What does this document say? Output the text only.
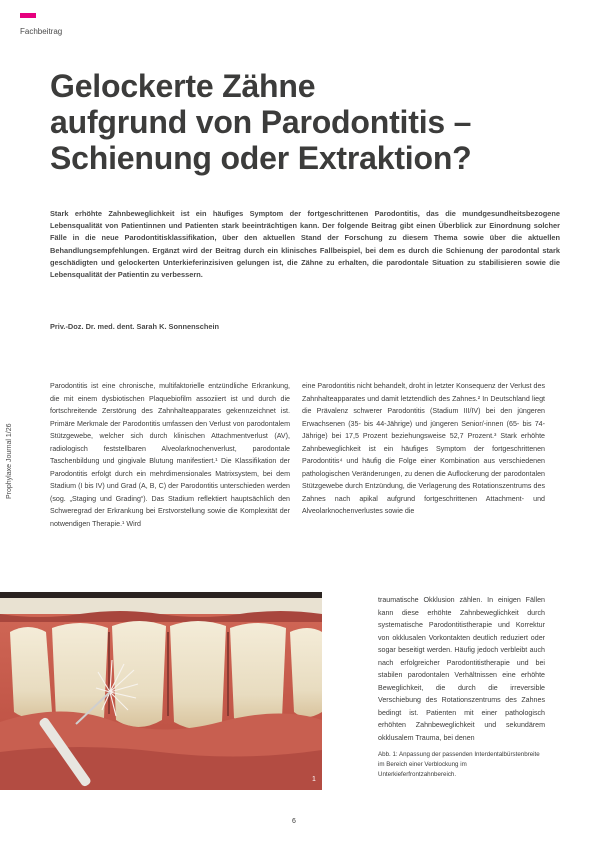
Fachbeitrag
Gelockerte Zähne
aufgrund von Parodontitis –
Schienung oder Extraktion?

Stark erhöhte Zahnbeweglichkeit ist ein häufiges Symptom der fortgeschrittenen Parodontitis, das die mundgesundheitsbezogene Lebensqualität von Patientinnen und Patienten stark beeinträchtigen kann. Der folgende Beitrag gibt einen Überblick zur Einordnung solcher Fälle in die neue Parodontitisklassifikation, über den aktuellen Stand der Forschung zu diesem Thema sowie über die aktuellen Behandlungsempfehlungen. Ergänzt wird der Beitrag durch ein klinisches Fallbeispiel, bei dem es durch die Schienung der parodontal stark geschädigten und gelockerten Unterkieferinzisiven gelungen ist, die Zähne zu erhalten, die parodontale Situation zu stabilisieren sowie die Lebensqualität der Patientin zu verbessern.

Priv.-Doz. Dr. med. dent. Sarah K. Sonnenschein
Prophylaxe Journal 1/26

Parodontitis ist eine chronische, multifaktorielle entzündliche Erkrankung, die mit einem dysbiotischen Plaquebiofilm assoziiert ist und durch die fortschreitende Zerstörung des Zahnhalteapparates gekennzeichnet ist. Primäre Merkmale der Parodontitis umfassen den Verlust von parodontalem Stützgewebe, welcher sich durch klinischen Attachmentverlust (AV), radiologisch feststellbaren Alveolarknochenverlust, parodontale Taschenbildung und gingivale Blutung manifestiert.¹ Die Klassifikation der Parodontitis erfolgt durch ein mehrdimensionales Matrixsystem, bei dem Stadium (I bis IV) und Grad (A, B, C) der Parodontitis unterschieden werden (sog. „Staging und Grading“). Das Stadium reflektiert hauptsächlich den Schweregrad der Erkrankung bei Erstvorstellung sowie die Komplexität der notwendigen Therapie.¹ Wird

eine Parodontitis nicht behandelt, droht in letzter Konsequenz der Verlust des Zahnhalteapparates und damit letztendlich des Zahnes.² In Deutschland liegt die Prävalenz schwerer Parodontitis (Stadium III/IV) bei den jüngeren Erwachsenen (35- bis 44-Jährige) und jüngeren Senior/-innen (65- bis 74-Jährige) bei 17,5 Prozent beziehungsweise 52,7 Prozent.³ Stark erhöhte Zahnbeweglichkeit ist ein häufiges Symptom der fortgeschrittenen Parodontitis⁴ und häufig die Folge einer Kombination aus verschiedenen pathologischen Veränderungen, zu denen die Auflockerung der parodontalen Stützgewebe durch Entzündung, die Verlagerung des Rotationszentrums des Zahnes nach apikal aufgrund fortgeschrittenen Attachment- und Alveolarknochenverlustes sowie die

traumatische Okklusion zählen. In einigen Fällen kann diese erhöhte Zahnbeweglichkeit durch systematische Parodontitistherapie und Korrektur von okklusalen Vorkontakten deutlich reduziert oder sogar beseitigt werden. Häufig jedoch verbleibt auch nach erfolgreicher Parodontitistherapie und bei stabilen parodontalen Verhältnissen eine erhöhte Beweglichkeit, die durch die irreversible Verschiebung des Rotationszentrums des Zahnes bedingt ist. Patienten mit einer pathologisch erhöhten Zahnbeweglichkeit und sekundärem okklusalem Trauma, bei denen

1

Abb. 1: Anpassung der passenden Interdentalbürstenbreite im Bereich einer Verblockung im Unterkieferfrontzahnbereich.

6
